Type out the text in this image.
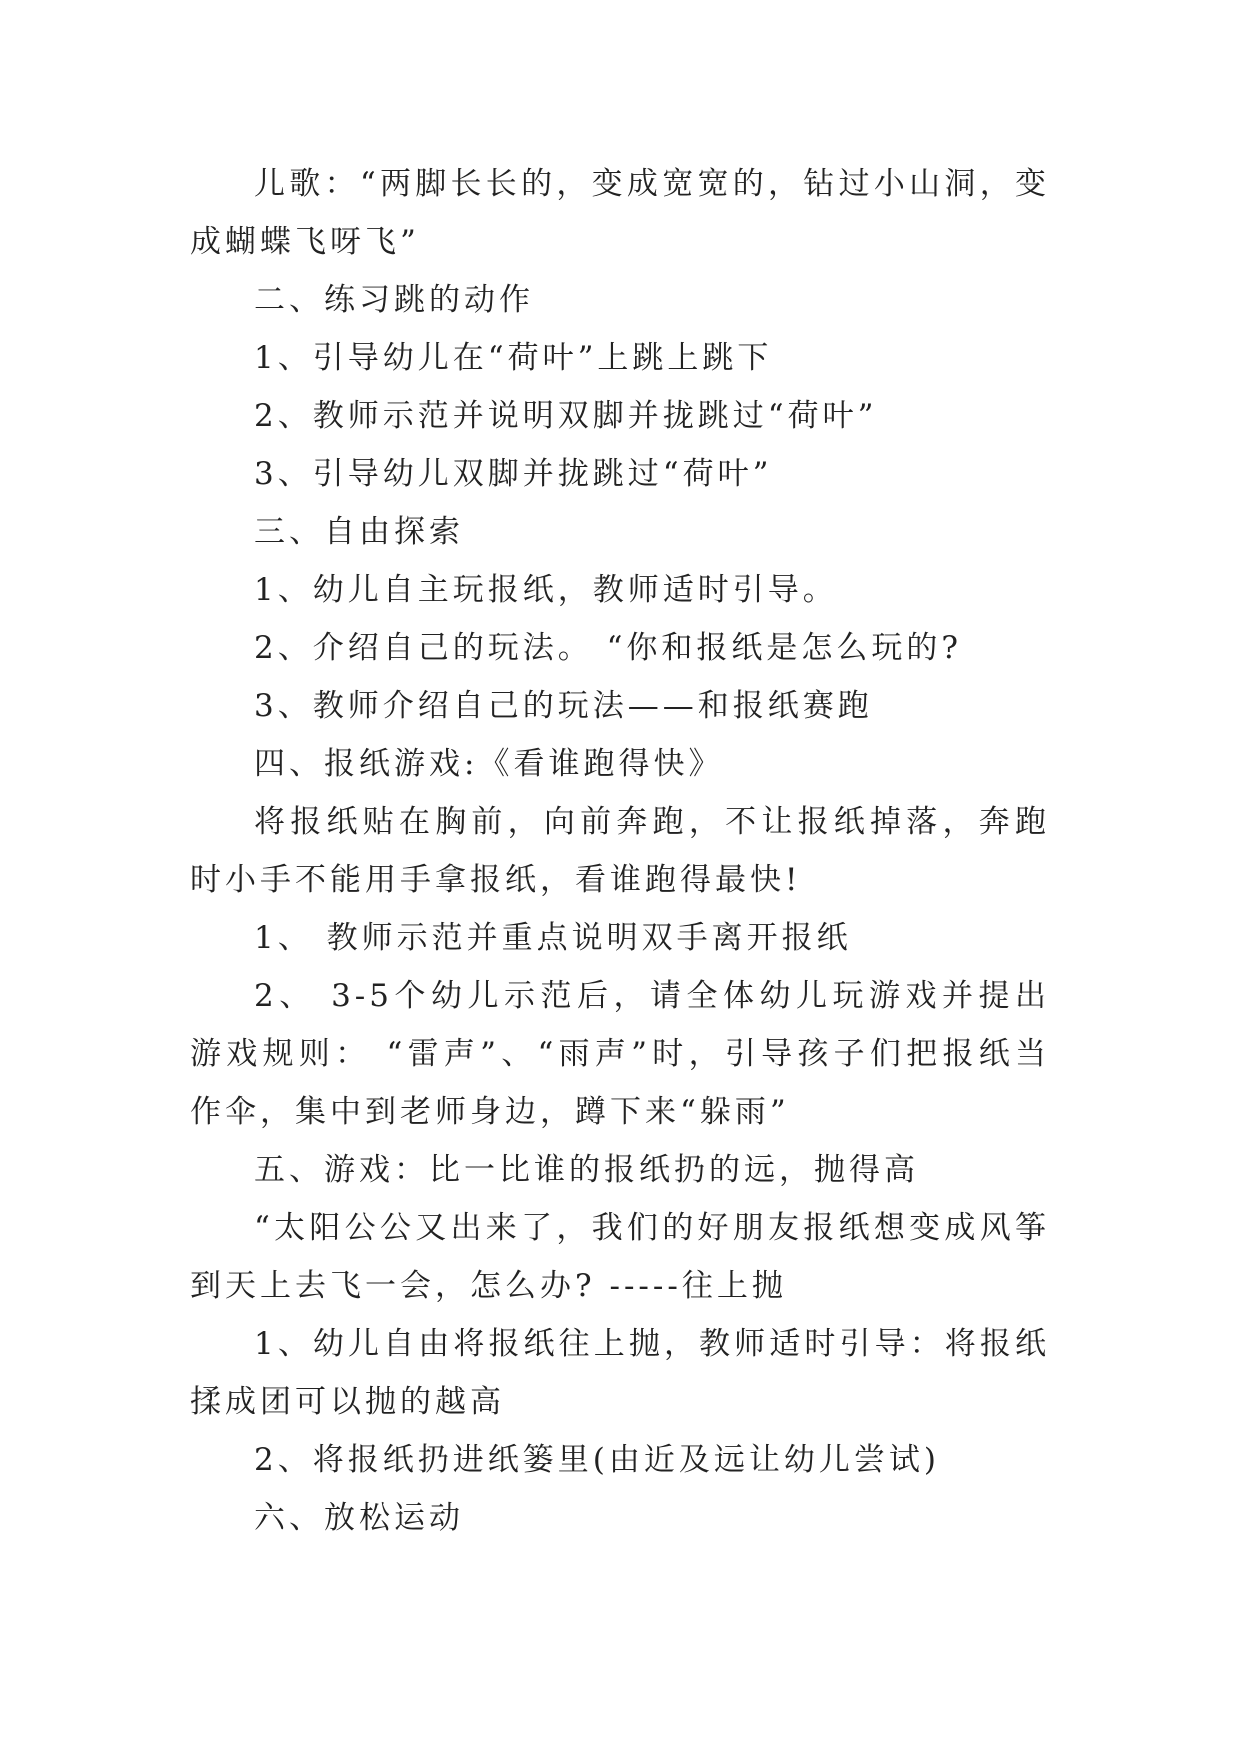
儿歌：“两脚长长的，变成宽宽的，钻过小山洞，变成蝴蝶飞呀飞”

二、练习跳的动作

1、引导幼儿在“荷叶”上跳上跳下

2、教师示范并说明双脚并拢跳过“荷叶”

3、引导幼儿双脚并拢跳过“荷叶”

三、自由探索

1、幼儿自主玩报纸，教师适时引导。

2、介绍自己的玩法。 “你和报纸是怎么玩的?

3、教师介绍自己的玩法——和报纸赛跑

四、报纸游戏:《看谁跑得快》

将报纸贴在胸前，向前奔跑，不让报纸掉落，奔跑时小手不能用手拿报纸，看谁跑得最快!

1、 教师示范并重点说明双手离开报纸

2、 3-5个幼儿示范后，请全体幼儿玩游戏并提出游戏规则： “雷声”、“雨声”时，引导孩子们把报纸当作伞，集中到老师身边，蹲下来“躲雨”

五、游戏：比一比谁的报纸扔的远，抛得高

“太阳公公又出来了，我们的好朋友报纸想变成风筝到天上去飞一会，怎么办? -----往上抛

1、幼儿自由将报纸往上抛，教师适时引导：将报纸揉成团可以抛的越高

2、将报纸扔进纸篓里(由近及远让幼儿尝试)

六、放松运动
